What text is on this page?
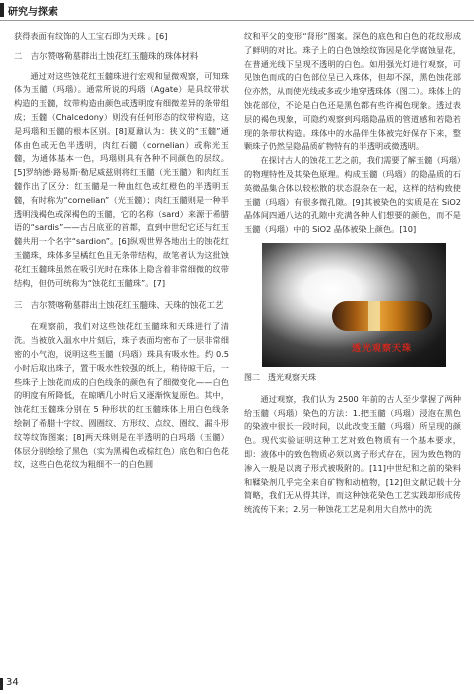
研究与探索

获得表面有纹饰的人工宝石即为天珠 。[6]

二　吉尔赞喀勒墓群出土蚀花红玉髓珠的珠体材料

通过对这些蚀花红玉髓珠进行宏观和显微观察，可知珠体为玉髓（玛瑙）。通常所说的玛瑙（Agate）是具纹带状构造的玉髓，纹带构造由颜色或透明度有细微差异的条带组成；玉髓（Chalcedony）则没有任何形态的纹带构造，这是玛瑙和玉髓的根本区别。[8]夏鼐认为：狭义的“玉髓”通体由色或无色半透明，肉红石髓（cornelian）或称光玉髓，为通体基本一色，玛瑙则具有各种不同颜色的层纹。[5]罗纳德·路易斯·勒尼威兹则将红玉髓（光玉髓）和肉红玉髓作出了区分：红玉髓是一种血红色或红橙色的半透明玉髓，有时称为“cornelian”（光玉髓）；肉红玉髓则是一种半透明浅褐色或深褐色的玉髓，它的名称（sard）来源于希腊语的“sardis”——古吕底亚的首都，直到中世纪它还与红玉髓共用一个名字“sardion”。[6]纵观世界各地出土的蚀花红玉髓珠，珠体多呈橘红色且无条带结构，故笔者认为这批蚀花红玉髓珠虽然在吸引光时在珠体上隐含着非常细微的纹带结构，但仍可统称为“蚀花红玉髓珠”。[7]

三　吉尔赞喀勒墓群出土蚀花红玉髓珠、天珠的蚀花工艺

在观察前，我们对这些蚀花红玉髓珠和天珠进行了清洗。当被放入温水中片刻后，珠子表面均密布了一层非常细密的小气泡，说明这些玉髓（玛瑙）珠具有吸水性。约 0.5 小时后取出珠子，置于吸水性较强的纸上，稍待晾干后，一些珠子上蚀花而成的白色线条的颜色有了细微变化——白色的明度有所降低，在晾晒几小时后又逐渐恢复原色。其中，蚀花红玉髓珠分别在 5 种形状的红玉髓珠体上用白色线条绘制了希腊十字纹、圆圈纹、方形纹、点纹、圈纹、漏斗形纹等纹饰图案；[8]两天珠则是在半透明的白玛瑙（玉髓）体层分别绘绘了黑色（实为黑褐色或棕红色）底色和白色花纹，这些白色花纹为粗细不一的白色圆

纹和平父的变形“肾形”图案。深色的底色和白色的花纹形成了鲜明的对比。珠子上的白色蚀绘纹饰因是化学腐蚀显花，在普通光线下呈现不透明的白色。如用强光灯进行观察，可见蚀色而成的白色部位呈已入珠体，但却不深，黑色蚀花部位亦然，从而使光线或多或少地穿透珠体（图二）。珠体上的蚀花部位，不论是白色还是黑色都有些许褐色现象。透过表层的褐色现象，可隐约观察到玛瑙隐晶质的管道感和若隐若现的条带状构造。珠体中的水晶伴生体被完好保存下来，整颗珠子仍然呈隐晶质矿物特有的半透明或微透明。

在探讨古人的蚀花工艺之前，我们需要了解玉髓（玛瑙）的物理特性及其染色原理。构成玉髓（玛瑙）的隐晶质的石英微晶集合体以较松散的状态混杂在一起，这样的结构致使玉髓（玛瑙）有很多微孔隙。[9]其被染色的实质是在 SiO2 晶体间四通八达的孔隙中充满各种人们想要的颜色，而不是玉髓（玛瑙）中的 SiO2 晶体被染上颜色。[10]

透光观察天珠

图二　透光观察天珠

通过观察，我们认为 2500 年前的古人至少掌握了两种给玉髓（玛瑙）染色的方法：1.把玉髓（玛瑙）浸泡在黑色的染液中很长一段时间，以此改变玉髓（玛瑙）所呈现的颜色。现代实验证明这种工艺对致色物质有一个基本要求，即：液体中的致色物质必须以离子形式存在，因为致色物的渗入一般是以离子形式被吸附的。[11]中世纪和之前的染料和鞣染剂几乎完全来自矿物和动植物，[12]但文献记载十分简略，我们无从得其详，而这种蚀花染色工艺实践却形成传统流传下来；2.另一种蚀花工艺是利用大自然中的洗

34
